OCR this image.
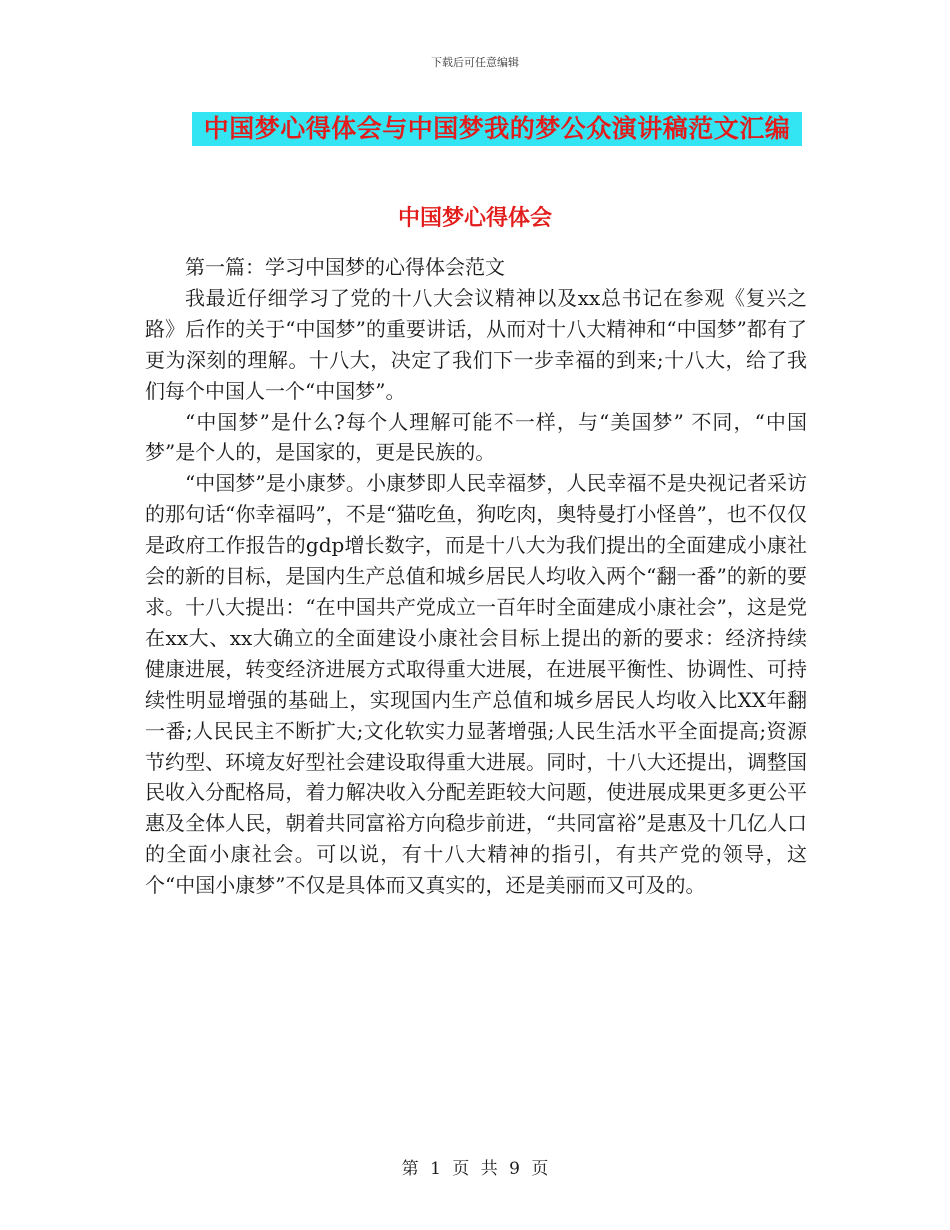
下载后可任意编辑
中国梦心得体会与中国梦我的梦公众演讲稿范文汇编
中国梦心得体会

第一篇：学习中国梦的心得体会范文

我最近仔细学习了党的十八大会议精神以及xx总书记在参观《复兴之路》后作的关于“中国梦”的重要讲话，从而对十八大精神和“中国梦”都有了更为深刻的理解。十八大，决定了我们下一步幸福的到来;十八大，给了我们每个中国人一个“中国梦”。

“中国梦”是什么?每个人理解可能不一样，与“美国梦” 不同，“中国梦”是个人的，是国家的，更是民族的。

“中国梦”是小康梦。小康梦即人民幸福梦，人民幸福不是央视记者采访的那句话“你幸福吗”，不是“猫吃鱼，狗吃肉，奥特曼打小怪兽”，也不仅仅是政府工作报告的gdp增长数字，而是十八大为我们提出的全面建成小康社会的新的目标，是国内生产总值和城乡居民人均收入两个“翻一番”的新的要求。十八大提出：“在中国共产党成立一百年时全面建成小康社会”，这是党在xx大、xx大确立的全面建设小康社会目标上提出的新的要求：经济持续健康进展，转变经济进展方式取得重大进展，在进展平衡性、协调性、可持续性明显增强的基础上，实现国内生产总值和城乡居民人均收入比XX年翻一番;人民民主不断扩大;文化软实力显著增强;人民生活水平全面提高;资源节约型、环境友好型社会建设取得重大进展。同时，十八大还提出，调整国民收入分配格局，着力解决收入分配差距较大问题，使进展成果更多更公平惠及全体人民，朝着共同富裕方向稳步前进，“共同富裕”是惠及十几亿人口的全面小康社会。可以说，有十八大精神的指引，有共产党的领导，这个“中国小康梦”不仅是具体而又真实的，还是美丽而又可及的。

第 1 页 共 9 页
